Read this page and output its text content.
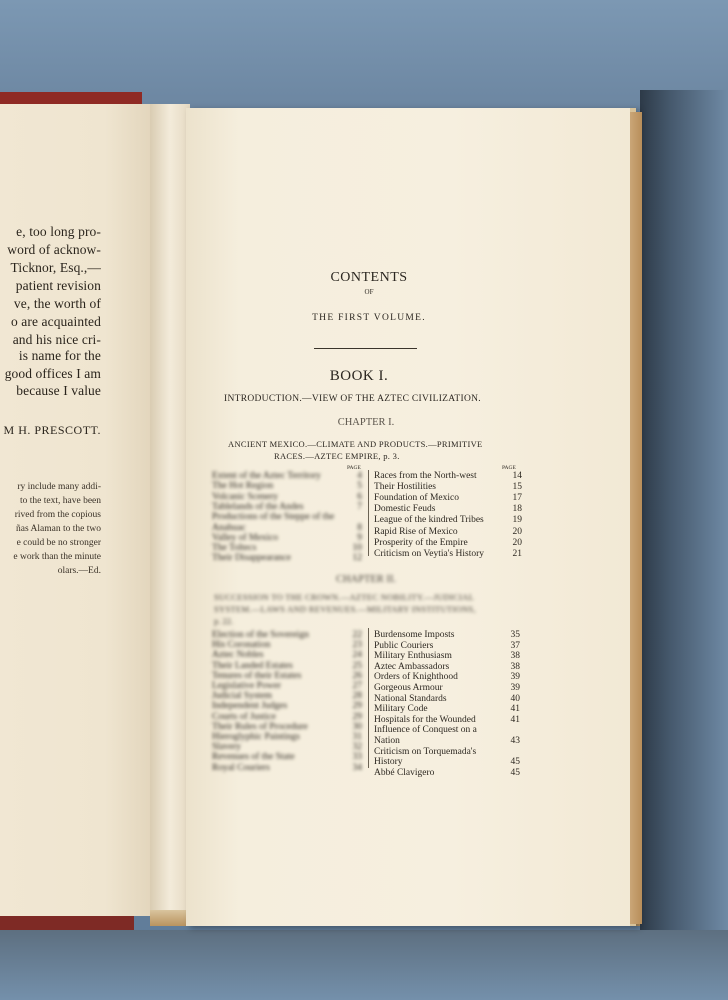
e, too long pro-
word of acknow-
Ticknor, Esq.,—
patient revision
ve, the worth of
o are acquainted
and his nice cri-
is name for the
good offices I am
because I value
M H. PRESCOTT.
ry include many addi-
to the text, have been
rived from the copious
ñas Alaman to the two
e could be no stronger
e work than the minute
olars.—Ed.
CONTENTS
OF
THE FIRST VOLUME.
BOOK I.
INTRODUCTION.—VIEW OF THE AZTEC CIVILIZATION.
CHAPTER I.
ANCIENT MEXICO.—CLIMATE AND PRODUCTS.—PRIMITIVE
RACES.—AZTEC EMPIRE, p. 3.
PAGE	PAGE
Extent of the Aztec Territory	4
The Hot Region	5
Volcanic Scenery	6
Tablelands of the Andes	7
Productions of the Steppe of the
Anahuac	8
Valley of Mexico	9
The Toltecs	10
Their Disappearance	12
Races from the North-west	14
Their Hostilities	15
Foundation of Mexico	17
Domestic Feuds	18
League of the kindred Tribes	19
Rapid Rise of Mexico	20
Prosperity of the Empire	20
Criticism on Veytia's History	21
CHAPTER II.
SUCCESSION TO THE CROWN.—AZTEC NOBILITY.—JUDICIAL
SYSTEM.—LAWS AND REVENUES.—MILITARY INSTITUTIONS,
p. 22.
Election of the Sovereign	22
His Coronation	23
Aztec Nobles	24
Their Landed Estates	25
Tenures of their Estates	26
Legislative Power	27
Judicial System	28
Independent Judges	29
Courts of Justice	29
Their Rules of Procedure	30
Hieroglyphic Paintings	31
Slavery	32
Revenues of the State	33
Royal Couriers	34
Burdensome Imposts	35
Public Couriers	37
Military Enthusiasm	38
Aztec Ambassadors	38
Orders of Knighthood	39
Gorgeous Armour	39
National Standards	40
Military Code	41
Hospitals for the Wounded	41
Influence of Conquest on a
Nation	43
Criticism on Torquemada's
History	45
Abbé Clavigero	45
